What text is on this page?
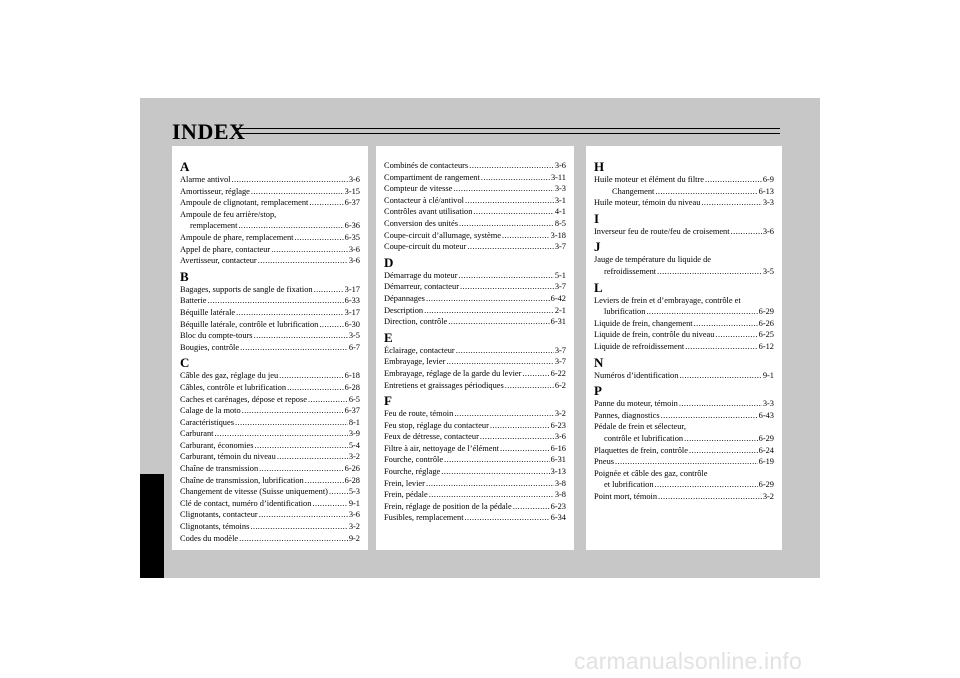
INDEX
A
Alarme antivol .....	3-6
Amortisseur, réglage .....	3-15
Ampoule de clignotant, remplacement .....	6-37
Ampoule de feu arrière/stop,
remplacement .....	6-36
Ampoule de phare, remplacement .....	6-35
Appel de phare, contacteur .....	3-6
Avertisseur, contacteur .....	3-6
B
Bagages, supports de sangle de fixation .....	3-17
Batterie .....	6-33
Béquille latérale .....	3-17
Béquille latérale, contrôle et lubrification .....	6-30
Bloc du compte-tours .....	3-5
Bougies, contrôle .....	6-7
C
Câble des gaz, réglage du jeu .....	6-18
Câbles, contrôle et lubrification .....	6-28
Caches et carénages, dépose et repose .....	6-5
Calage de la moto .....	6-37
Caractéristiques .....	8-1
Carburant .....	3-9
Carburant, économies .....	5-4
Carburant, témoin du niveau .....	3-2
Chaîne de transmission .....	6-26
Chaîne de transmission, lubrification .....	6-28
Changement de vitesse (Suisse uniquement) ..... 5-3
Clé de contact, numéro d’identification .....	9-1
Clignotants, contacteur .....	3-6
Clignotants, témoins .....	3-2
Codes du modèle .....	9-2
Combinés de contacteurs .....	3-6
Compartiment de rangement .....	3-11
Compteur de vitesse .....	3-3
Contacteur à clé/antivol .....	3-1
Contrôles avant utilisation .....	4-1
Conversion des unités .....	8-5
Coupe-circuit d’allumage, système .....	3-18
Coupe-circuit du moteur .....	3-7
D
Démarrage du moteur .....	5-1
Démarreur, contacteur .....	3-7
Dépannages .....	6-42
Description .....	2-1
Direction, contrôle .....	6-31
E
Éclairage, contacteur .....	3-7
Embrayage, levier .....	3-7
Embrayage, réglage de la garde du levier .....	6-22
Entretiens et graissages périodiques .....	6-2
F
Feu de route, témoin .....	3-2
Feu stop, réglage du contacteur .....	6-23
Feux de détresse, contacteur .....	3-6
Filtre à air, nettoyage de l’élément .....	6-16
Fourche, contrôle .....	6-31
Fourche, réglage .....	3-13
Frein, levier .....	3-8
Frein, pédale .....	3-8
Frein, réglage de position de la pédale .....	6-23
Fusibles, remplacement .....	6-34
H
Huile moteur et élément du filtre .....	6-9
Changement .....	6-13
Huile moteur, témoin du niveau .....	3-3
I
Inverseur feu de route/feu de croisement .....	3-6
J
Jauge de température du liquide de
refroidissement .....	3-5
L
Leviers de frein et d’embrayage, contrôle et
lubrification .....	6-29
Liquide de frein, changement .....	6-26
Liquide de frein, contrôle du niveau .....	6-25
Liquide de refroidissement .....	6-12
N
Numéros d’identification .....	9-1
P
Panne du moteur, témoin .....	3-3
Pannes, diagnostics .....	6-43
Pédale de frein et sélecteur,
contrôle et lubrification .....	6-29
Plaquettes de frein, contrôle .....	6-24
Pneus .....	6-19
Poignée et câble des gaz, contrôle
et lubrification .....	6-29
Point mort, témoin .....	3-2
carmanualsonline.info
